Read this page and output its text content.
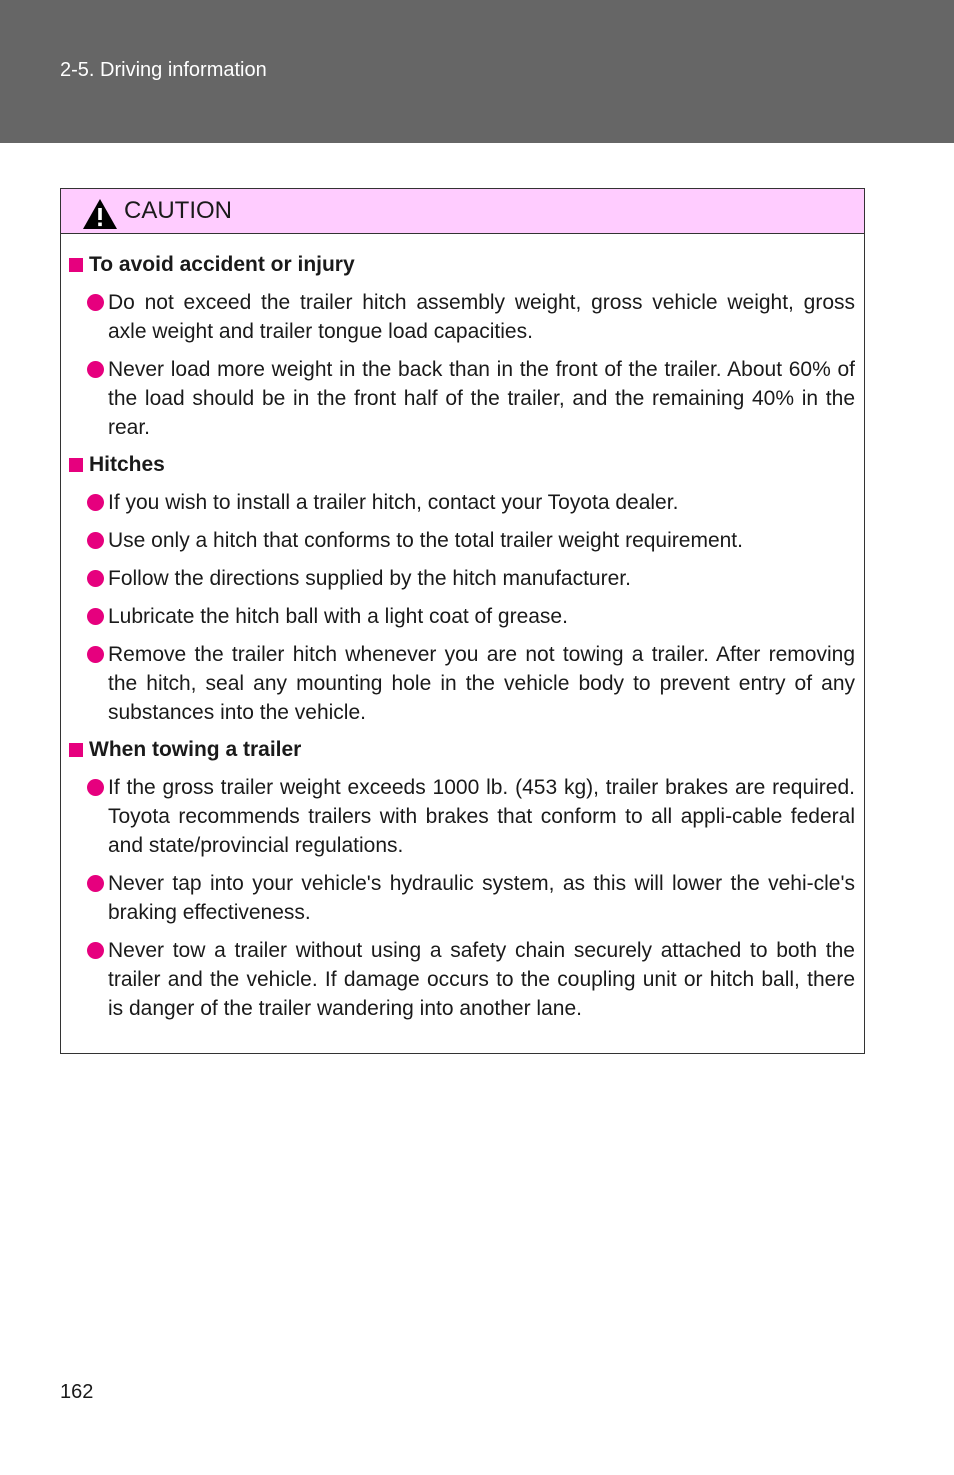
2-5. Driving information
CAUTION
To avoid accident or injury
Do not exceed the trailer hitch assembly weight, gross vehicle weight, gross axle weight and trailer tongue load capacities.
Never load more weight in the back than in the front of the trailer. About 60% of the load should be in the front half of the trailer, and the remaining 40% in the rear.
Hitches
If you wish to install a trailer hitch, contact your Toyota dealer.
Use only a hitch that conforms to the total trailer weight requirement.
Follow the directions supplied by the hitch manufacturer.
Lubricate the hitch ball with a light coat of grease.
Remove the trailer hitch whenever you are not towing a trailer. After removing the hitch, seal any mounting hole in the vehicle body to prevent entry of any substances into the vehicle.
When towing a trailer
If the gross trailer weight exceeds 1000 lb. (453 kg), trailer brakes are required. Toyota recommends trailers with brakes that conform to all appli-cable federal and state/provincial regulations.
Never tap into your vehicle's hydraulic system, as this will lower the vehi-cle's braking effectiveness.
Never tow a trailer without using a safety chain securely attached to both the trailer and the vehicle. If damage occurs to the coupling unit or hitch ball, there is danger of the trailer wandering into another lane.
162
